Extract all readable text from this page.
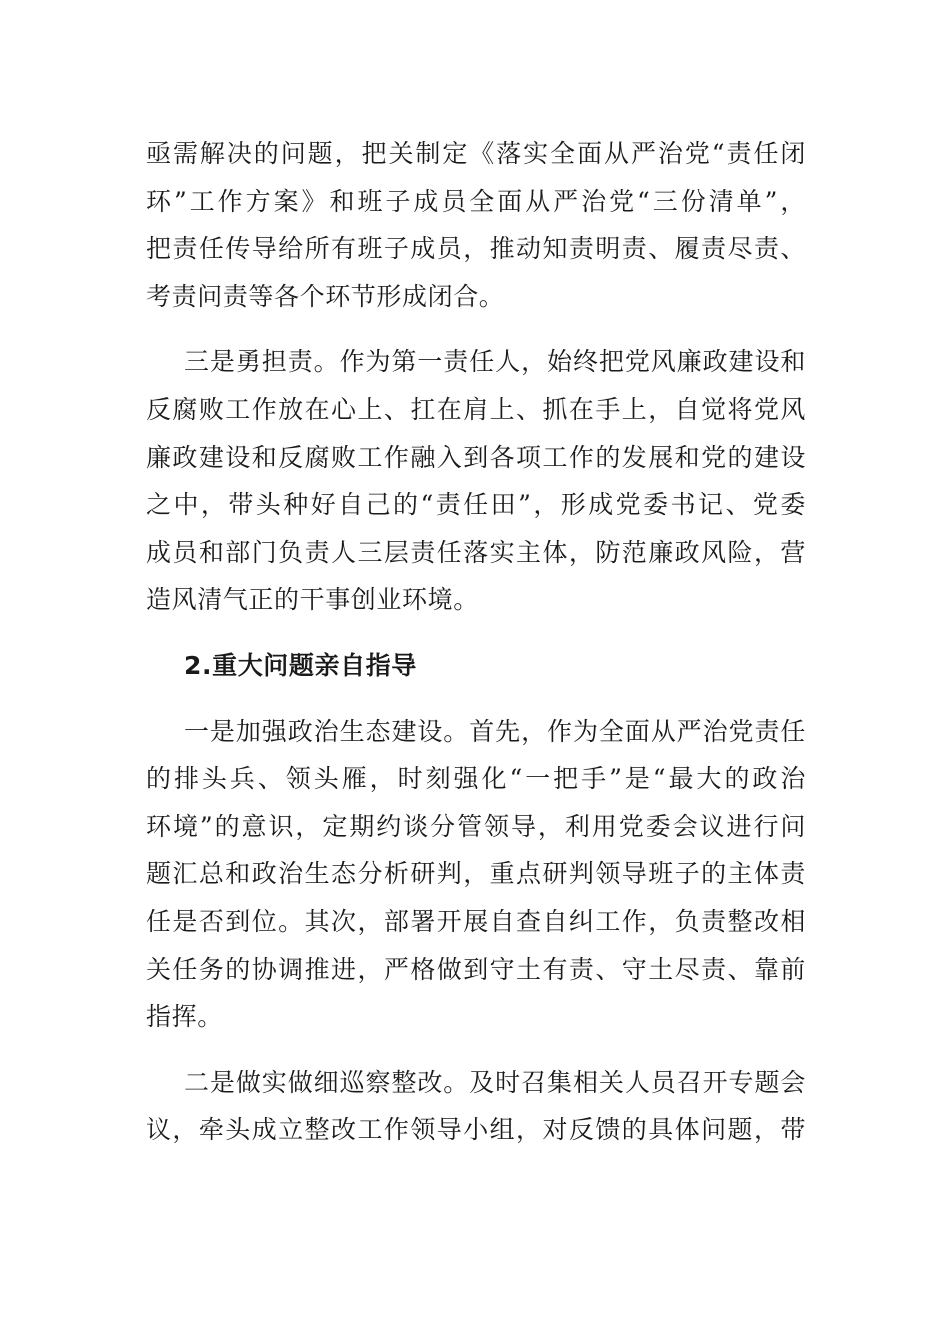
亟需解决的问题，把关制定《落实全面从严治党“责任闭
环”工作方案》和班子成员全面从严治党“三份清单”，
把责任传导给所有班子成员，推动知责明责、履责尽责、
考责问责等各个环节形成闭合。
三是勇担责。作为第一责任人，始终把党风廉政建设和
反腐败工作放在心上、扛在肩上、抓在手上，自觉将党风
廉政建设和反腐败工作融入到各项工作的发展和党的建设
之中，带头种好自己的“责任田”，形成党委书记、党委
成员和部门负责人三层责任落实主体，防范廉政风险，营
造风清气正的干事创业环境。
2.重大问题亲自指导
一是加强政治生态建设。首先，作为全面从严治党责任
的排头兵、领头雁，时刻强化“一把手”是“最大的政治
环境”的意识，定期约谈分管领导，利用党委会议进行问
题汇总和政治生态分析研判，重点研判领导班子的主体责
任是否到位。其次，部署开展自查自纠工作，负责整改相
关任务的协调推进，严格做到守土有责、守土尽责、靠前
指挥。
二是做实做细巡察整改。及时召集相关人员召开专题会
议，牵头成立整改工作领导小组，对反馈的具体问题，带
